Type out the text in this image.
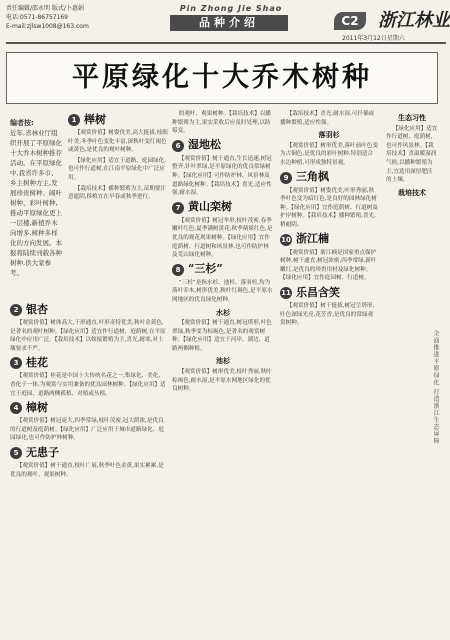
责任编辑/邵永明 版式/卜惠娟
电话:0571-86757169
E-mail:zjlsw1008@163.com
Pin Zhong Jie Shao
品种介绍	C2	浙江林业
2011年3月12日星期六
平原绿化十大乔木树种
编者按:
近年,省林业厅组织开展了平原绿化十大乔木树种推荐活动。在平原绿化中,我省许多市、乡主树种方主,发展珍贵树种、阔叶树种、彩叶树种,推动平原绿化更上一层楼,新植乔木向增多,树种多样化的方向发展。本报将陆续刊载各种树种,供大家参考。
1 榉树

【观赏价值】树姿优美,高大挺拔,枝细叶美,冬季叶色变化丰富,深秋叶变红褐色或黄色,是优良的观叶树种。

【绿化应用】适宜于道路、庭园绿化,也可作行道树,在江南平原绿化中广泛应用。

【栽培技术】播种繁殖为主,苗期要注意遮阴,移植宜在早春或秋季进行。

2 银杏

【观赏价值】树体高大,干形通直,叶形奇特优美,秋叶金黄色,是著名的观叶树种。【绿化应用】适宜作行道树、庭荫树,在平原绿化中应用广泛。【栽培技术】以嫁接繁殖为主,喜光,耐寒,对土壤要求不严。

3 桂花

【观赏价值】桂花是中国十大传统名花之一,集绿化、美化、香化于一体,为观赏与实用兼备的优良园林树种。【绿化应用】适宜于庭园、道路两侧孤植、对植或丛植。

4 樟树

【观赏价值】树冠庞大,四季常绿,枝叶茂密,冠大荫浓,是优良的行道树及庭荫树。【绿化应用】广泛应用于城市道路绿化、庭园绿化,也可作防护林树种。

5 无患子

【观赏价值】树干通直,枝叶广展,秋季叶色金黄,果实累累,是优良的观叶、观果树种。

的观叶、观果树种。【栽培技术】以播种繁殖为主,果实采收后应及时处理,以防霉变。

6 湿地松

【观赏价值】树干通直,生长迅速,树冠整齐,针叶翠绿,是平原绿化的优良常绿树种。【绿化应用】可作防护林、风景林及道路绿化树种。【栽培技术】喜光,适应性强,耐水湿。

7 黄山栾树

【观赏价值】树冠伞形,枝叶茂密,春季嫩叶红色,夏季满树黄花,秋季蒴果红色,是优良的观花观果树种。【绿化应用】宜作庭荫树、行道树和风景林,也可作防护林及荒山绿化树种。

8 “三杉”

“三杉”是指水杉、池杉、落羽杉,均为落叶乔木,树形优美,秋叶红褐色,是平原水网地区的优良绿化树种。

水杉

【观赏价值】树干通直,树冠塔形,叶色翠绿,秋季变为棕褐色,是著名的观赏树种。【绿化应用】适宜于河岸、湖边、道路两侧种植。

池杉

【观赏价值】树形优美,枝叶秀丽,秋叶棕褐色,耐水湿,是平原水网地区绿化的优良树种。

【栽培技术】喜光,耐水湿,可扦插或播种繁殖,适应性强。

落羽杉

【观赏价值】树形优美,落叶前叶色变为古铜色,是优良的彩叶树种,特别适合水边种植,可形成独特景观。

9 三角枫

【观赏价值】树姿优美,叶形秀丽,秋季叶色变为暗红色,是良好的园林绿化树种。【绿化应用】宜作庭荫树、行道树及护岸树种。【栽培技术】播种繁殖,喜光,稍耐阴。

10 浙江楠

【观赏价值】浙江楠是国家重点保护树种,树干通直,树冠浓密,四季常绿,新叶嫩红,是优良的珍贵用材及绿化树种。【绿化应用】宜作庭园树、行道树。

11 乐昌含笑

【观赏价值】树干挺拔,树冠呈塔形,叶色深绿光亮,花芳香,是优良的常绿观赏树种。

生态习性

【绿化应用】适宜作行道树、庭荫树,也可作风景林。【栽培技术】喜温暖湿润气候,以播种繁殖为主,宜选用深厚肥沃的土壤。

栽培技术
全面推进平原绿化 打造浙江生态屏障
